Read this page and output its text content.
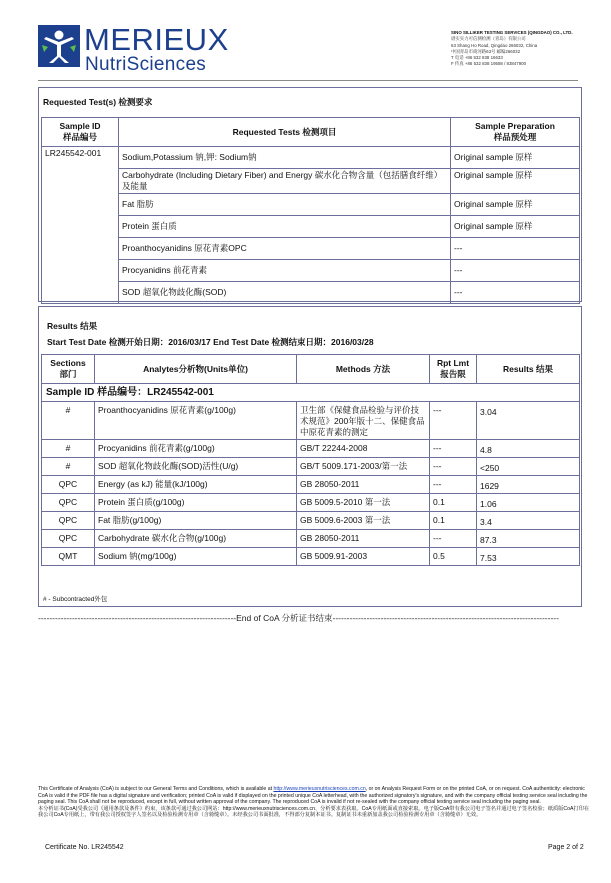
MERIEUX
NutriSciences
SINO SILLIKER TESTING SERVICES (QINGDAO) CO., LTD.
谱实实力可信测检测（青岛）有限公司
63 Shang Ho Road, Qingdao 266032, China
中国青岛市商河路63号 邮编266032
T 电话 +86 532 838 16633
F 传真 +86 532 838 19588 / 83847900
Requested Test(s) 检测要求
Sample ID
样品编号	Requested Tests 检测项目	Sample Preparation
样品预处理
LR245542-001	Sodium,Potassium 钠,钾: Sodium钠	Original sample 原样
	Carbohydrate (Including Dietary Fiber) and Energy 碳水化合物含量（包括膳食纤维）及能量	Original sample 原样
	Fat 脂肪	Original sample 原样
	Protein 蛋白质	Original sample 原样
	Proanthocyanidins 原花青素OPC	---
	Procyanidins 前花青素	---
	SOD 超氧化物歧化酶(SOD)	---
Results 结果
Start Test Date 检测开始日期：2016/03/17 End Test Date 检测结束日期：2016/03/28
Sections
部门	Analytes分析物(Units单位)	Methods 方法	Rpt Lmt
报告限	Results 结果
Sample ID 样品编号：LR245542-001				
#	Proanthocyanidins 原花青素(g/100g)	卫生部《保健食品检验与评价技术规范》200年版十二、保健食品中原花青素的测定	---	3.04
#	Procyanidins 前花青素(g/100g)	GB/T 22244-2008	---	4.8
#	SOD 超氧化物歧化酶(SOD)活性(U/g)	GB/T 5009.171-2003/第一法	---	<250
QPC	Energy (as kJ) 能量(kJ/100g)	GB 28050-2011	---	1629
QPC	Protein 蛋白质(g/100g)	GB 5009.5-2010 第一法	0.1	1.06
QPC	Fat 脂肪(g/100g)	GB 5009.6-2003 第一法	0.1	3.4
QPC	Carbohydrate 碳水化合物(g/100g)	GB 28050-2011	---	87.3
QMT	Sodium 钠(mg/100g)	GB 5009.91-2003	0.5	7.53
# - Subcontracted外包
----------------------------------------------------------------------End of CoA 分析证书结束--------------------------------------------------------------------------------

This Certificate of Analysis (CoA) is subject to our General Terms and Conditions, which is available at http://www.merieuxnutrisciences.com.cn, or on Analysis Request Form or on the printed CoA, or on request. CoA authenticity: electronic CoA is valid if the PDF file has a digital signature and verification; printed CoA is valid if displayed on the printed unique CoA letterhead, with the authorized signatory's signature, and with the company official testing service seal including the paging seal. This CoA shall not be reproduced, except in full, without written approval of the company. The reproduced CoA is invalid if not re-sealed with the company official testing service seal including the paging seal.

本分析证书(CoA)受我公司《通用条款及条件》约束，该条款可通过我公司网站：http://www.merieuxnutrisciences.com.cn、分析要求表获取。CoA专用纸面或直接索取。电子版CoA带有我公司电子签名并通过电子签名校验；纸质版CoA打印在我公司CoA专用纸上，带有我公司授权签字人签名以及检验检测专用章（含骑缝章）。未经我公司书面批准，不得部分复制本证书。复制证书未重新加盖我公司检验检测专用章（含骑缝章）无效。

Certificate No. LR245542	Page 2 of 2
